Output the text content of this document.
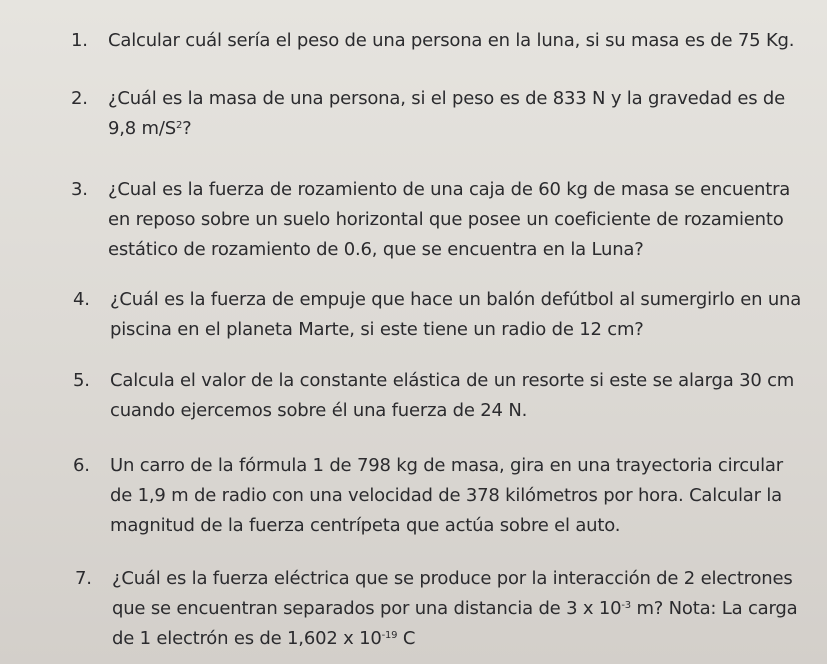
1. Calcular cuál sería el peso de una persona en la luna, si su masa es de 75 Kg.
2. ¿Cuál es la masa de una persona, si el peso es de 833 N y la gravedad es de
9,8 $m/S^2$?
3. ¿Cual es la fuerza de rozamiento de una caja de 60 kg de masa se encuentra
en reposo sobre un suelo horizontal que posee un coeficiente de rozamiento
estático de rozamiento de 0.6, que se encuentra en la Luna?
4. ¿Cuál es la fuerza de empuje que hace un balón defútbol al sumergirlo en una
piscina en el planeta Marte, si este tiene un radio de 12 cm?
5. Calcula el valor de la constante elástica de un resorte si este se alarga 30 cm
cuando ejercemos sobre él una fuerza de 24 N.
6. Un carro de la fórmula 1 de 798 kg de masa, gira en una trayectoria circular
de 1,9 m de radio con una velocidad de 378 kilómetros por hora. Calcular la
magnitud de la fuerza centrípeta que actúa sobre el auto.
7. ¿Cuál es la fuerza eléctrica que se produce por la interacción de 2 electrones
que se encuentran separados por una distancia de 3 x $10^{-3}$ m? Nota: La carga
de 1 electrón es de 1,602 x $10^{-19}$ C
